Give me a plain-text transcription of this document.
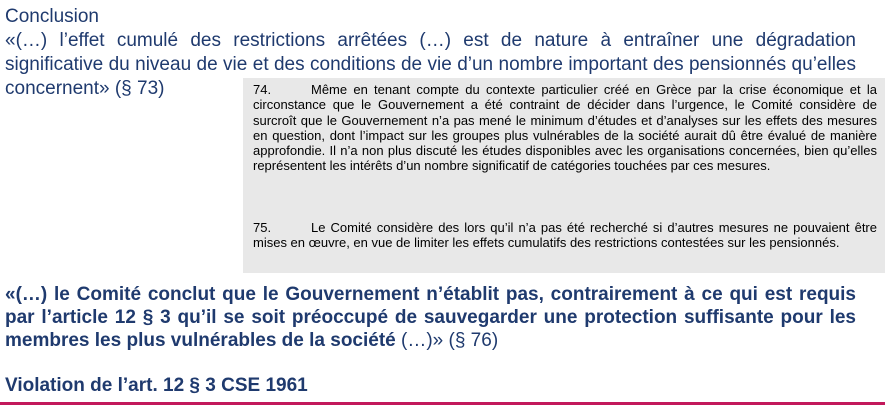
Conclusion
«(…) l’effet cumulé des restrictions arrêtées (…) est de nature à entraîner une dégradation significative du niveau de vie et des conditions de vie d’un nombre important des pensionnés qu’elles concernent» (§ 73)	74.	Même en tenant compte du contexte particulier créé en Grèce par la crise économique et la circonstance que le Gouvernement a été contraint de décider dans l’urgence, le Comité considère de surcroît que le Gouvernement n’a pas mené le minimum d’études et d’analyses sur les effets des mesures en question, dont l’impact sur les groupes plus vulnérables de la société aurait dû être évalué de manière approfondie. Il n’a non plus discuté les études disponibles avec les organisations concernées, bien qu’elles représentent les intérêts d’un nombre significatif de catégories touchées par ces mesures.
75.	Le Comité considère des lors qu’il n’a pas été recherché si d’autres mesures ne pouvaient être mises en œuvre, en vue de limiter les effets cumulatifs des restrictions contestées sur les pensionnés.
«(…) le Comité conclut que le Gouvernement n’établit pas, contrairement à ce qui est requis par l’article 12 § 3 qu’il se soit préoccupé de sauvegarder une protection suffisante pour les membres les plus vulnérables de la société (…)» (§ 76)
Violation de l’art. 12 § 3 CSE 1961
